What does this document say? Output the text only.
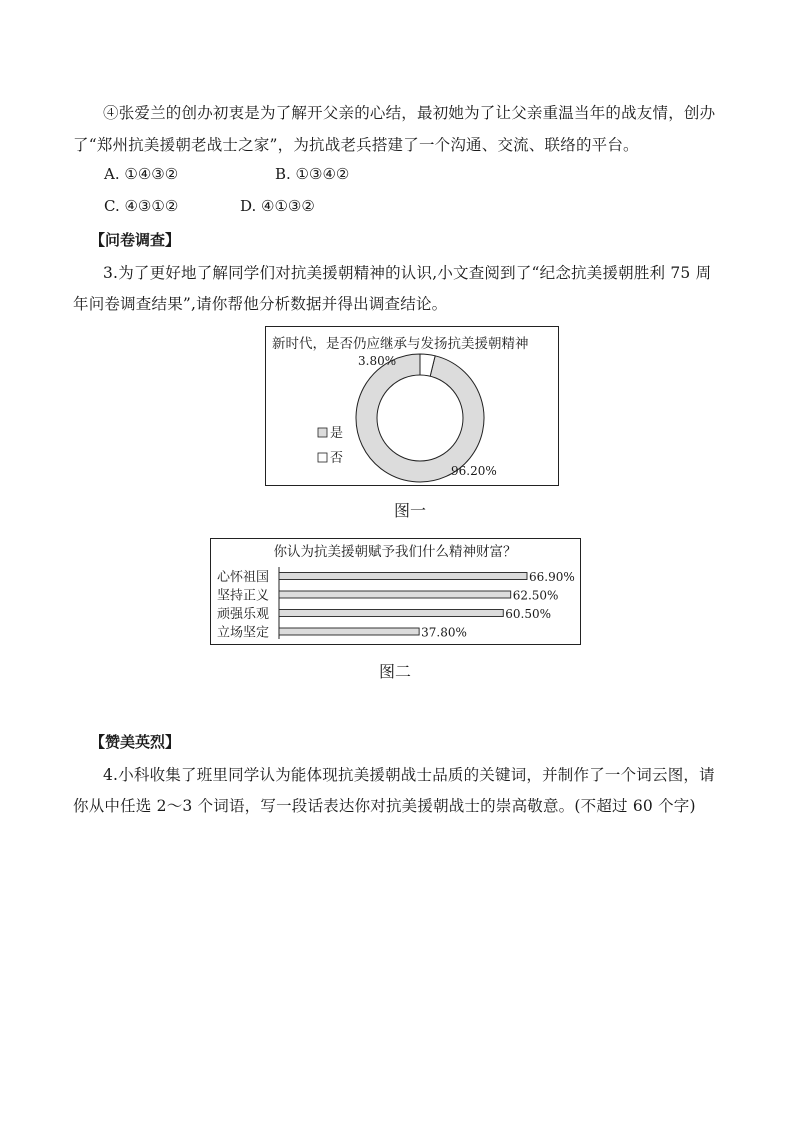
④张爱兰的创办初衷是为了解开父亲的心结，最初她为了让父亲重温当年的战友情，创办
了“郑州抗美援朝老战士之家”，为抗战老兵搭建了一个沟通、交流、联络的平台。
A. ①④③②	B. ①③④②
C. ④③①②	D. ④①③②
【问卷调查】
3.为了更好地了解同学们对抗美援朝精神的认识,小文查阅到了“纪念抗美援朝胜利 75 周
年问卷调查结果”,请你帮他分析数据并得出调查结论。
新时代，是否仍应继承与发扬抗美援朝精神
3.80%
96.20%
是
否
图一
你认为抗美援朝赋予我们什么精神财富？
心怀祖国	66.90%
坚持正义	62.50%
顽强乐观	60.50%
立场坚定	37.80%
图二
【赞美英烈】
4.小科收集了班里同学认为能体现抗美援朝战士品质的关键词，并制作了一个词云图，请
你从中任选 2～3 个词语，写一段话表达你对抗美援朝战士的崇高敬意。(不超过 60 个字)
